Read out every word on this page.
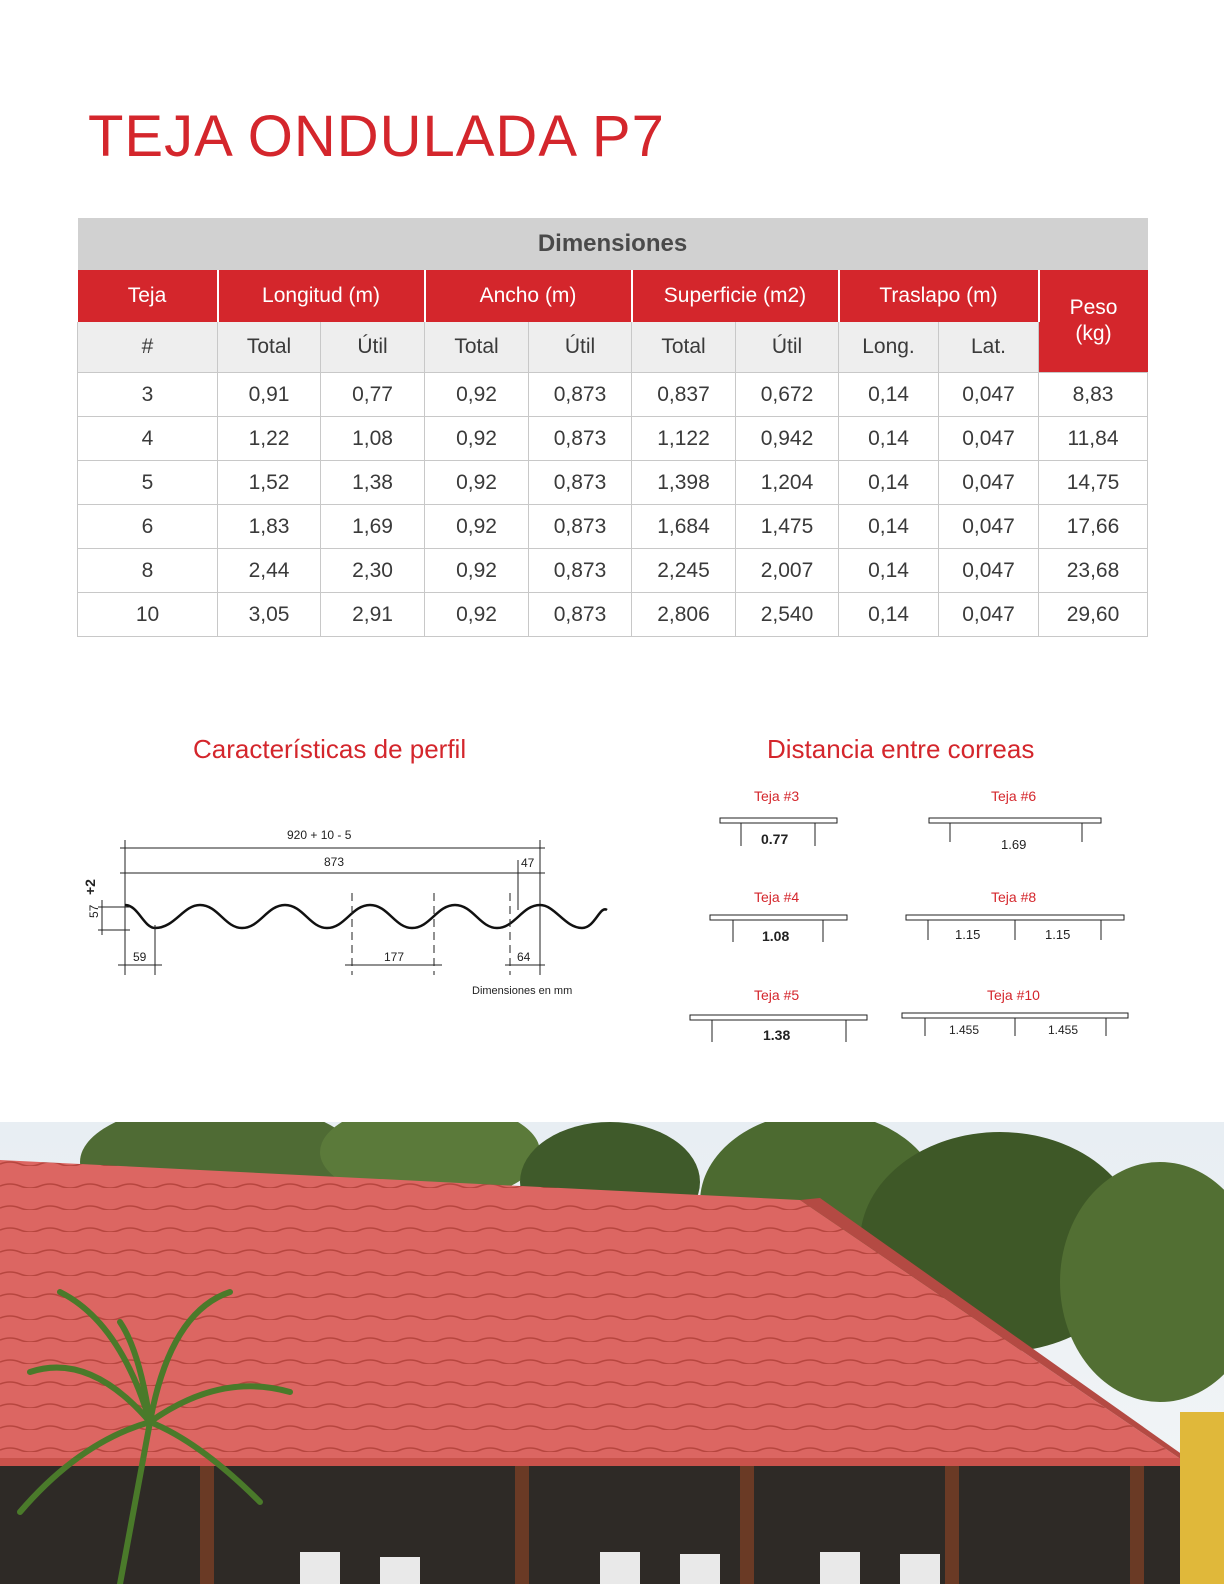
TEJA ONDULADA P7
Dimensiones									
Teja	Longitud (m)		Ancho (m)		Superficie (m2)		Traslapo (m)		Peso (kg)
#	Total	Útil	Total	Útil	Total	Útil	Long.	Lat.	
3	0,91	0,77	0,92	0,873	0,837	0,672	0,14	0,047	8,83
4	1,22	1,08	0,92	0,873	1,122	0,942	0,14	0,047	11,84
5	1,52	1,38	0,92	0,873	1,398	1,204	0,14	0,047	14,75
6	1,83	1,69	0,92	0,873	1,684	1,475	0,14	0,047	17,66
8	2,44	2,30	0,92	0,873	2,245	2,007	0,14	0,047	23,68
10	3,05	2,91	0,92	0,873	2,806	2,540	0,14	0,047	29,60
Características de perfil	Distancia entre correas
920 + 10 - 5
873	47
59	177	64
Dimensiones en mm
57
+2
Teja #3
0.77
Teja #6
1.69
Teja #4
1.08
Teja #8
1.15	1.15
Teja #5
1.38
Teja #10
1.455	1.455
